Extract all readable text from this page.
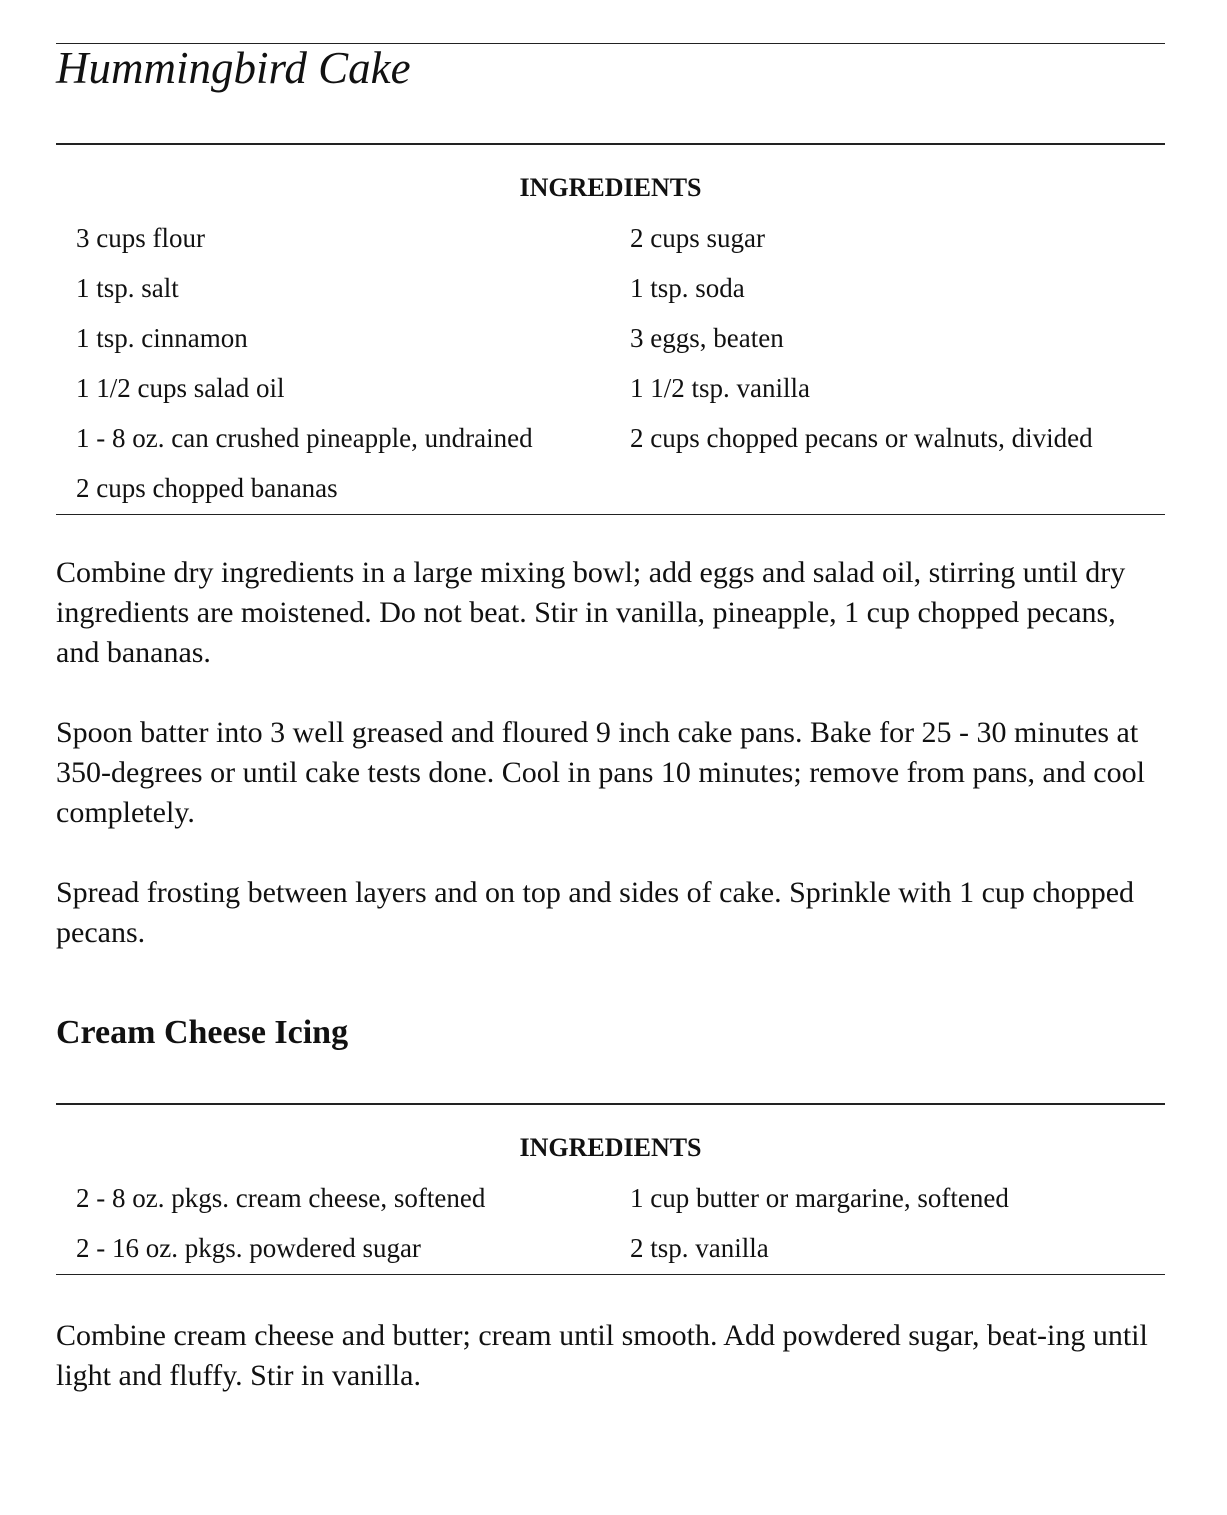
Hummingbird Cake
INGREDIENTS
3 cups flour	2 cups sugar
1 tsp. salt	1 tsp. soda
1 tsp. cinnamon	3 eggs, beaten
1 1/2 cups salad oil	1 1/2 tsp. vanilla
1 - 8 oz. can crushed pineapple, undrained	2 cups chopped pecans or walnuts, divided
2 cups chopped bananas

Combine dry ingredients in a large mixing bowl; add eggs and salad oil, stirring until dry ingredients are moistened. Do not beat. Stir in vanilla, pineapple, 1 cup chopped pecans, and bananas.

Spoon batter into 3 well greased and floured 9 inch cake pans. Bake for 25 - 30 minutes at 350-degrees or until cake tests done. Cool in pans 10 minutes; remove from pans, and cool completely.

Spread frosting between layers and on top and sides of cake. Sprinkle with 1 cup chopped pecans.

Cream Cheese Icing
INGREDIENTS
2 - 8 oz. pkgs. cream cheese, softened	1 cup butter or margarine, softened
2 - 16 oz. pkgs. powdered sugar	2 tsp. vanilla

Combine cream cheese and butter; cream until smooth. Add powdered sugar, beat-ing until light and fluffy. Stir in vanilla.
